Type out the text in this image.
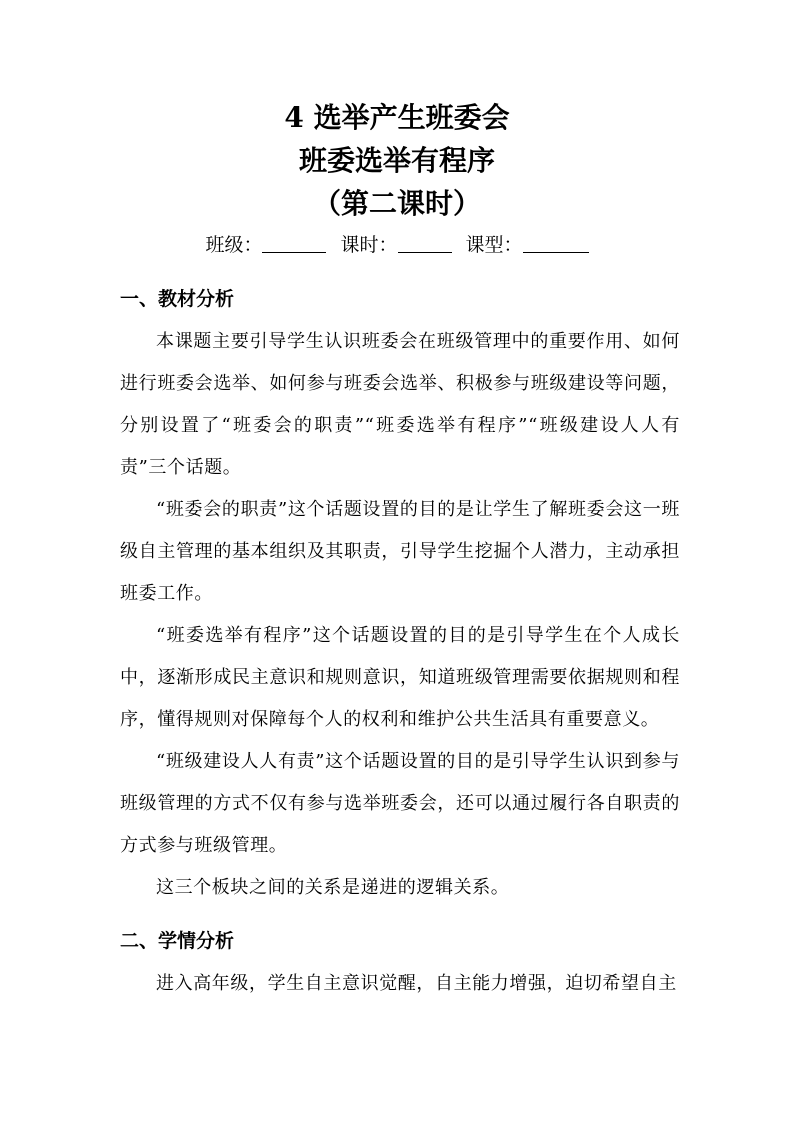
4 选举产生班委会
班委选举有程序
（第二课时）
班级：	课时：	课型：
一、教材分析

本课题主要引导学生认识班委会在班级管理中的重要作用、如何进行班委会选举、如何参与班委会选举、积极参与班级建设等问题，分别设置了“班委会的职责”“班委选举有程序”“班级建设人人有责”三个话题。

“班委会的职责”这个话题设置的目的是让学生了解班委会这一班级自主管理的基本组织及其职责，引导学生挖掘个人潜力，主动承担班委工作。

“班委选举有程序”这个话题设置的目的是引导学生在个人成长中，逐渐形成民主意识和规则意识，知道班级管理需要依据规则和程序，懂得规则对保障每个人的权利和维护公共生活具有重要意义。

“班级建设人人有责”这个话题设置的目的是引导学生认识到参与班级管理的方式不仅有参与选举班委会，还可以通过履行各自职责的方式参与班级管理。

这三个板块之间的关系是递进的逻辑关系。

二、学情分析

进入高年级，学生自主意识觉醒，自主能力增强，迫切希望自主
